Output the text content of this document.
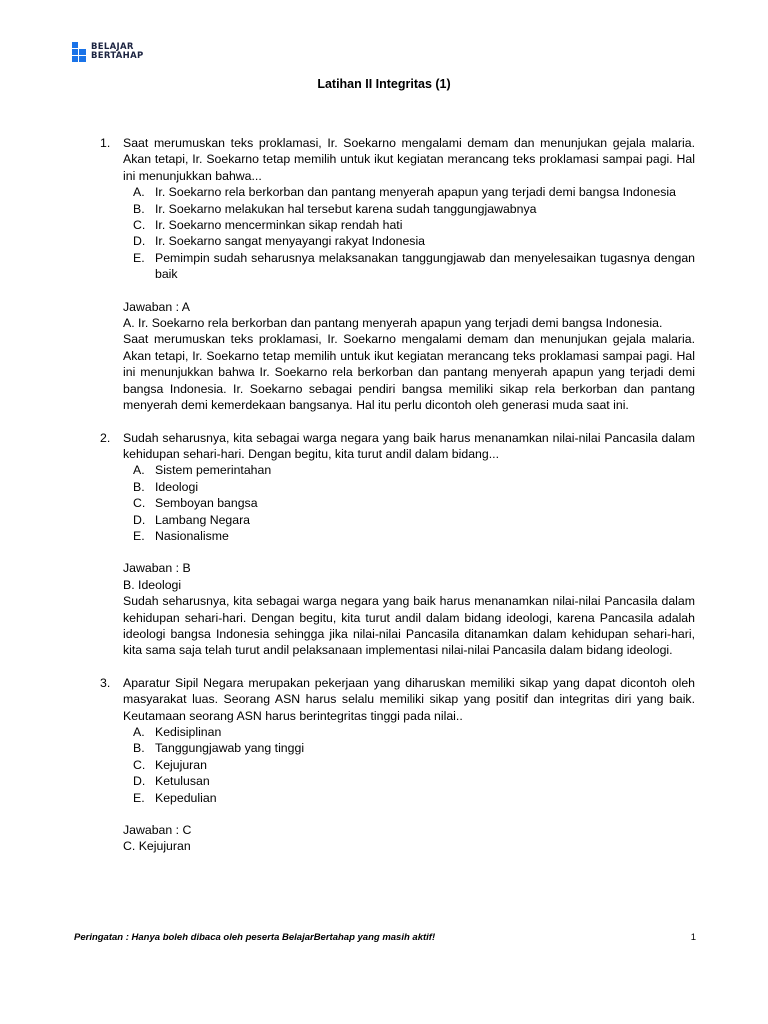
BELAJAR
BERTAHAP
Latihan II Integritas (1)
1.	Saat merumuskan teks proklamasi, Ir. Soekarno mengalami demam dan menunjukan gejala malaria. Akan tetapi, Ir. Soekarno tetap memilih untuk ikut kegiatan merancang teks proklamasi sampai pagi. Hal ini menunjukkan bahwa...
A. Ir. Soekarno rela berkorban dan pantang menyerah apapun yang terjadi demi bangsa Indonesia
B. Ir. Soekarno melakukan hal tersebut karena sudah tanggungjawabnya
C. Ir. Soekarno mencerminkan sikap rendah hati
D. Ir. Soekarno sangat menyayangi rakyat Indonesia
E. Pemimpin sudah seharusnya melaksanakan tanggungjawab dan menyelesaikan tugasnya dengan baik
Jawaban : A
A. Ir. Soekarno rela berkorban dan pantang menyerah apapun yang terjadi demi bangsa Indonesia.
Saat merumuskan teks proklamasi, Ir. Soekarno mengalami demam dan menunjukan gejala malaria. Akan tetapi, Ir. Soekarno tetap memilih untuk ikut kegiatan merancang teks proklamasi sampai pagi. Hal ini menunjukkan bahwa Ir. Soekarno rela berkorban dan pantang menyerah apapun yang terjadi demi bangsa Indonesia. Ir. Soekarno sebagai pendiri bangsa memiliki sikap rela berkorban dan pantang menyerah demi kemerdekaan bangsanya. Hal itu perlu dicontoh oleh generasi muda saat ini.
2.	Sudah seharusnya, kita sebagai warga negara yang baik harus menanamkan nilai-nilai Pancasila dalam kehidupan sehari-hari. Dengan begitu, kita turut andil dalam bidang...
A. Sistem pemerintahan
B. Ideologi
C. Semboyan bangsa
D. Lambang Negara
E. Nasionalisme
Jawaban : B
B. Ideologi
Sudah seharusnya, kita sebagai warga negara yang baik harus menanamkan nilai-nilai Pancasila dalam kehidupan sehari-hari. Dengan begitu, kita turut andil dalam bidang ideologi, karena Pancasila adalah ideologi bangsa Indonesia sehingga jika nilai-nilai Pancasila ditanamkan dalam kehidupan sehari-hari, kita sama saja telah turut andil pelaksanaan implementasi nilai-nilai Pancasila dalam bidang ideologi.
3.	Aparatur Sipil Negara merupakan pekerjaan yang diharuskan memiliki sikap yang dapat dicontoh oleh masyarakat luas. Seorang ASN harus selalu memiliki sikap yang positif dan integritas diri yang baik. Keutamaan seorang ASN harus berintegritas tinggi pada nilai..
A. Kedisiplinan
B. Tanggungjawab yang tinggi
C. Kejujuran
D. Ketulusan
E. Kepedulian
Jawaban : C
C. Kejujuran
Peringatan : Hanya boleh dibaca oleh peserta BelajarBertahap yang masih aktif!	1
